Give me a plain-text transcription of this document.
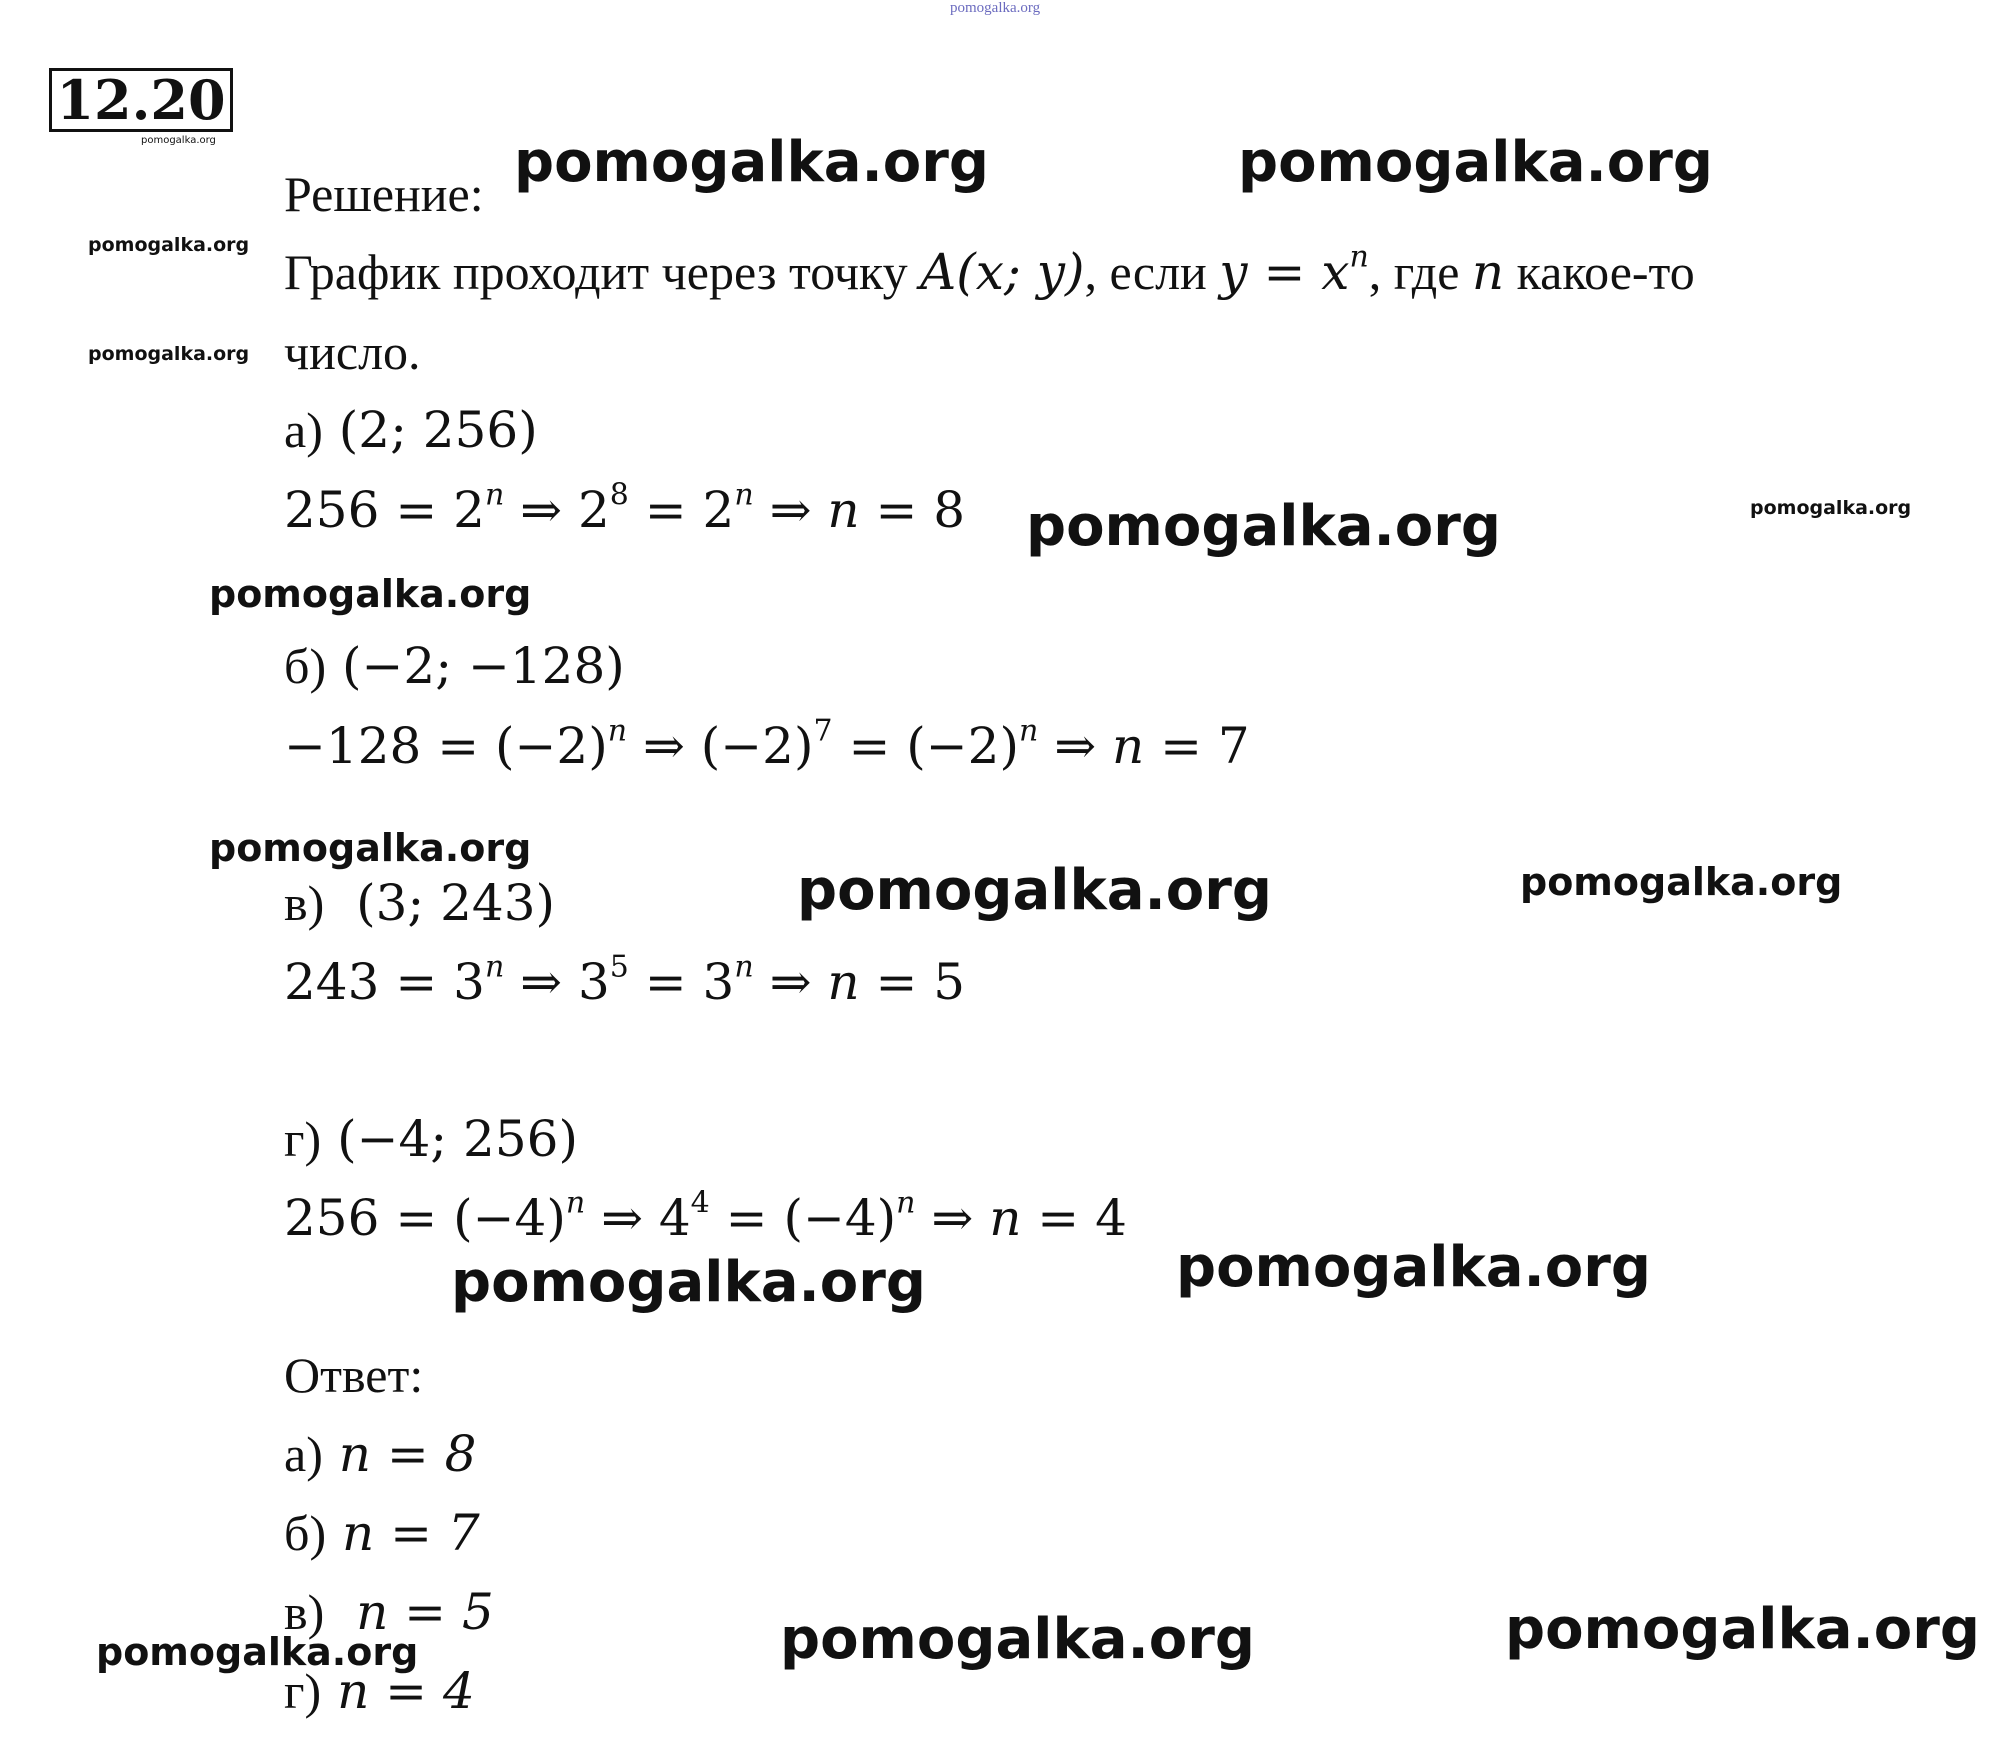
pomogalka.org
12.20
pomogalka.org
Решение:
График проходит через точку A(x; y), если $y = x^n$, где n какое-то
число.
а) (2; 256)
$256 = 2^n$ ⇒ $2^8 = 2^n$ ⇒ n = 8
б) (−2; −128)
$-128 = (-2)^n$ ⇒ $(-2)^7 = (-2)^n$ ⇒ n = 7
в) (3; 243)
$243 = 3^n$ ⇒ $3^5 = 3^n$ ⇒ n = 5
г) (−4; 256)
$256 = (-4)^n$ ⇒ $4^4 = (-4)^n$ ⇒ n = 4
Ответ:
а) n = 8
б) n = 7
в) n = 5
г) n = 4
pomogalka.org	pomogalka.org
pomogalka.org
pomogalka.org
pomogalka.org	pomogalka.org
pomogalka.org
pomogalka.org
pomogalka.org	pomogalka.org
pomogalka.org	pomogalka.org
pomogalka.org	pomogalka.org	pomogalka.org
